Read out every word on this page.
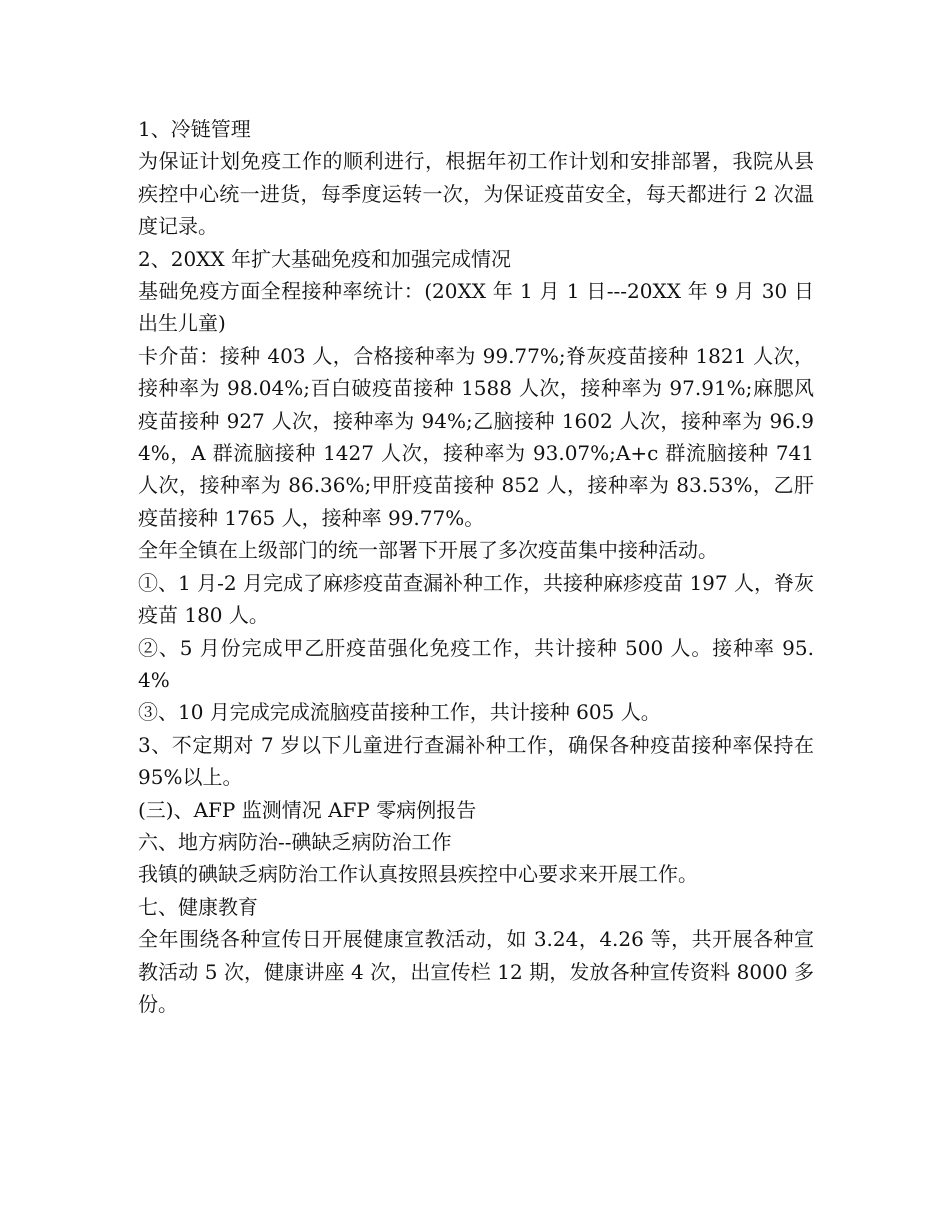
1、冷链管理

为保证计划免疫工作的顺利进行，根据年初工作计划和安排部署，我院从县疾控中心统一进货，每季度运转一次，为保证疫苗安全，每天都进行 2 次温度记录。

2、20XX 年扩大基础免疫和加强完成情况

基础免疫方面全程接种率统计：(20XX 年 1 月 1 日---20XX 年 9 月 30 日出生儿童)

卡介苗：接种 403 人，合格接种率为 99.77%;脊灰疫苗接种 1821 人次，接种率为 98.04%;百白破疫苗接种 1588 人次，接种率为 97.91%;麻腮风疫苗接种 927 人次，接种率为 94%;乙脑接种 1602 人次，接种率为 96.94%，A 群流脑接种 1427 人次，接种率为 93.07%;A+c 群流脑接种 741 人次，接种率为 86.36%;甲肝疫苗接种 852 人，接种率为 83.53%，乙肝疫苗接种 1765 人，接种率 99.77%。

全年全镇在上级部门的统一部署下开展了多次疫苗集中接种活动。

①、1 月-2 月完成了麻疹疫苗查漏补种工作，共接种麻疹疫苗 197 人，脊灰疫苗 180 人。

②、5 月份完成甲乙肝疫苗强化免疫工作，共计接种 500 人。接种率 95.4%

③、10 月完成完成流脑疫苗接种工作，共计接种 605 人。

3、不定期对 7 岁以下儿童进行查漏补种工作，确保各种疫苗接种率保持在 95%以上。

(三)、AFP 监测情况 AFP 零病例报告

六、地方病防治--碘缺乏病防治工作

我镇的碘缺乏病防治工作认真按照县疾控中心要求来开展工作。

七、健康教育

全年围绕各种宣传日开展健康宣教活动，如 3.24，4.26 等，共开展各种宣教活动 5 次，健康讲座 4 次，出宣传栏 12 期，发放各种宣传资料 8000 多份。
